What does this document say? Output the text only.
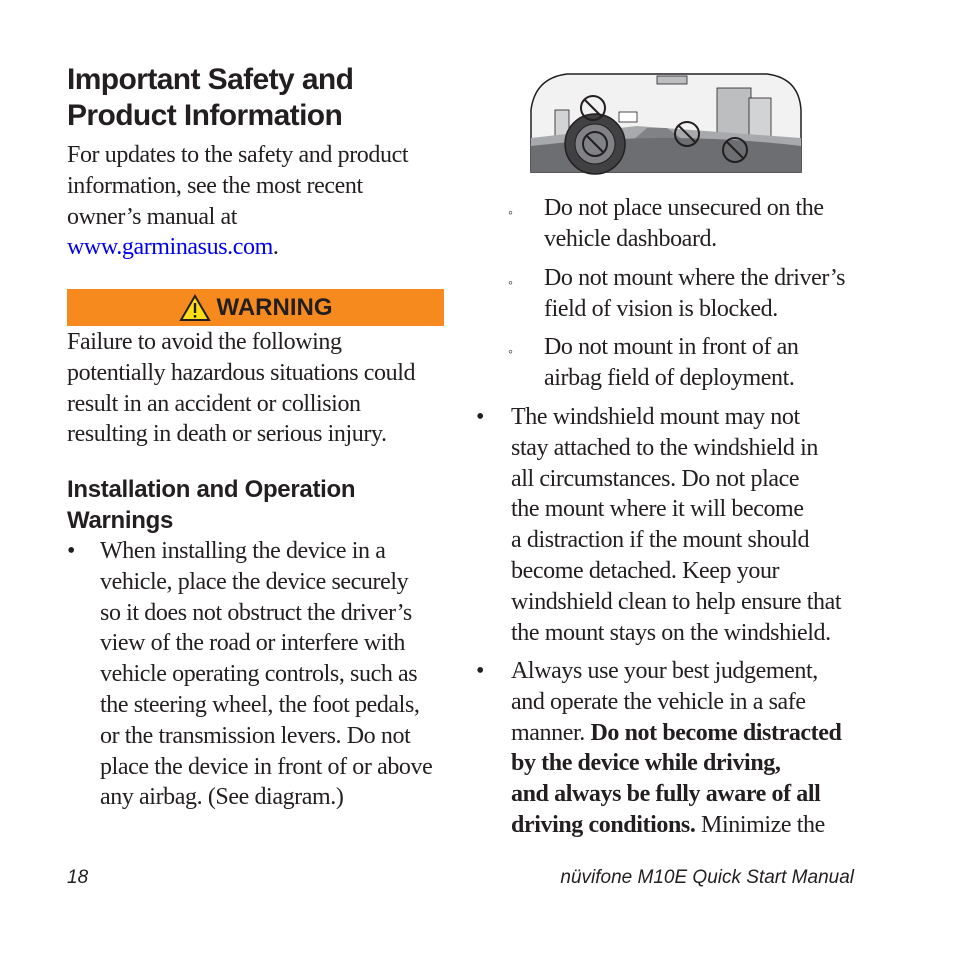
Important Safety and
Product Information
For updates to the safety and product
information, see the most recent
owner’s manual at
www.garminasus.com.
WARNING
Failure to avoid the following
potentially hazardous situations could
result in an accident or collision
resulting in death or serious injury.
Installation and Operation
Warnings
• When installing the device in a
vehicle, place the device securely
so it does not obstruct the driver’s
view of the road or interfere with
vehicle operating controls, such as
the steering wheel, the foot pedals,
or the transmission levers. Do not
place the device in front of or above
any airbag. (See diagram.)
◦ Do not place unsecured on the
vehicle dashboard.
◦ Do not mount where the driver’s
field of vision is blocked.
◦ Do not mount in front of an
airbag field of deployment.
• The windshield mount may not
stay attached to the windshield in
all circumstances. Do not place
the mount where it will become
a distraction if the mount should
become detached. Keep your
windshield clean to help ensure that
the mount stays on the windshield.
• Always use your best judgement,
and operate the vehicle in a safe
manner. Do not become distracted
by the device while driving,
and always be fully aware of all
driving conditions. Minimize the
18	nüvifone M10E Quick Start Manual
